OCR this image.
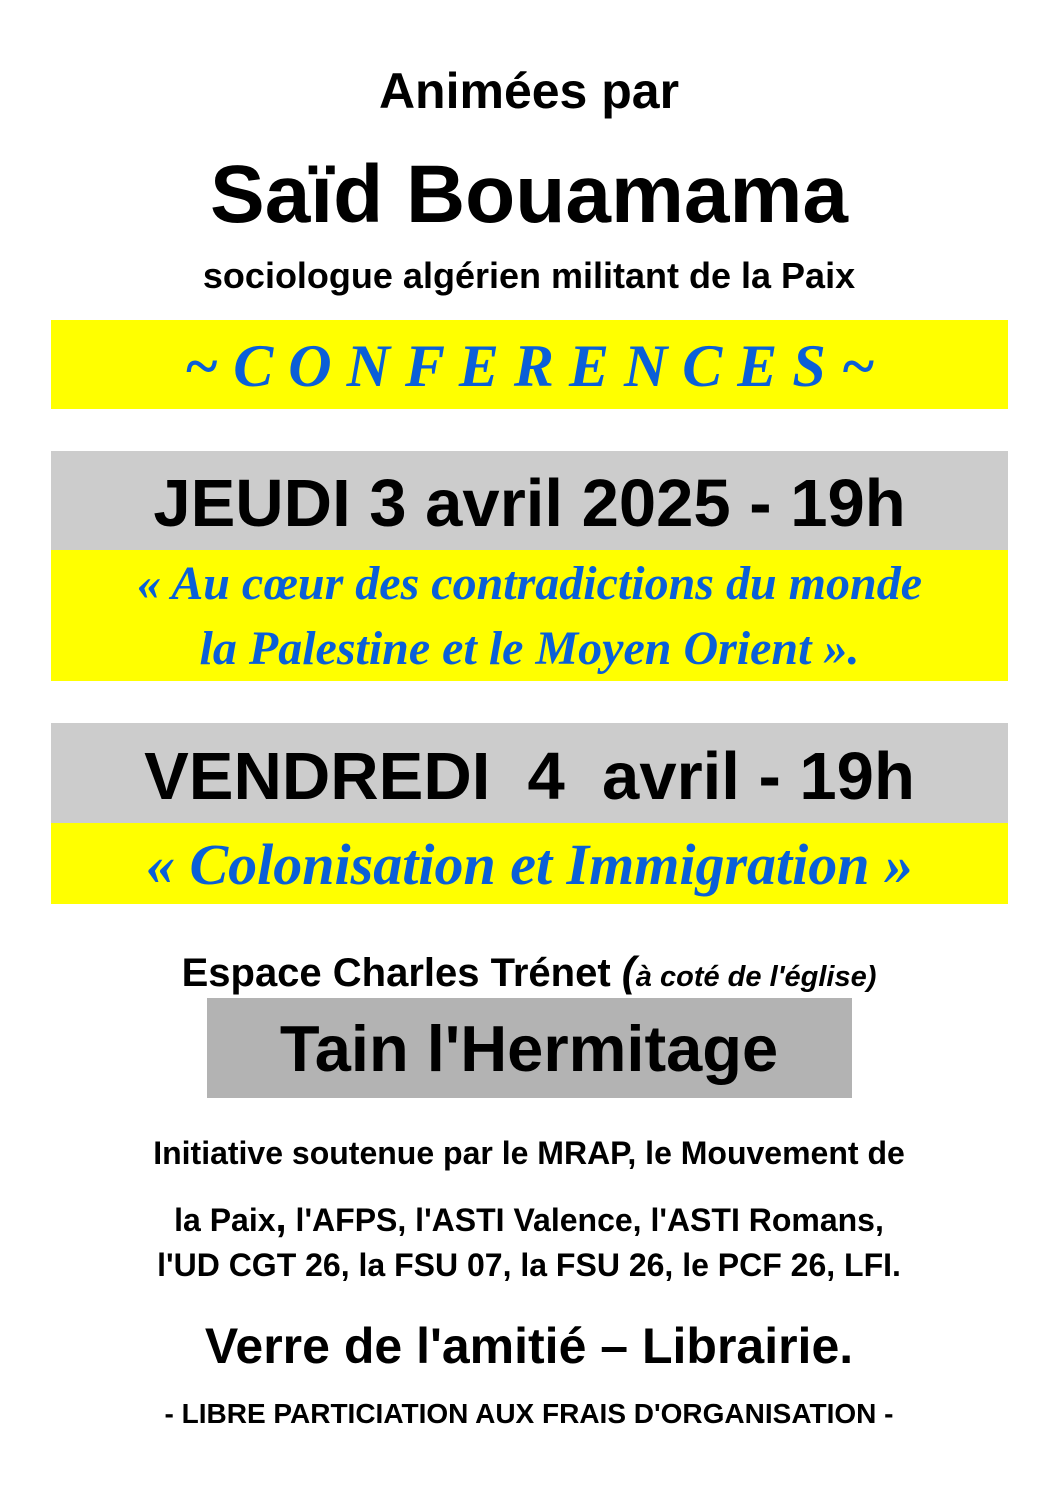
Animées par
Saïd Bouamama
sociologue algérien militant de la Paix
~ C O N F E R E N C E S ~
JEUDI 3 avril 2025 - 19h
« Au cœur des contradictions du monde
la Palestine et le Moyen Orient ».
VENDREDI  4  avril - 19h
« Colonisation et Immigration »
Espace Charles Trénet (à coté de l'église)
Tain l'Hermitage
Initiative soutenue par le MRAP, le Mouvement de
la Paix, l'AFPS, l'ASTI Valence, l'ASTI Romans,
l'UD CGT 26, la FSU 07, la FSU 26, le PCF 26, LFI.
Verre de l'amitié – Librairie.
- LIBRE PARTICIATION AUX FRAIS D'ORGANISATION -
